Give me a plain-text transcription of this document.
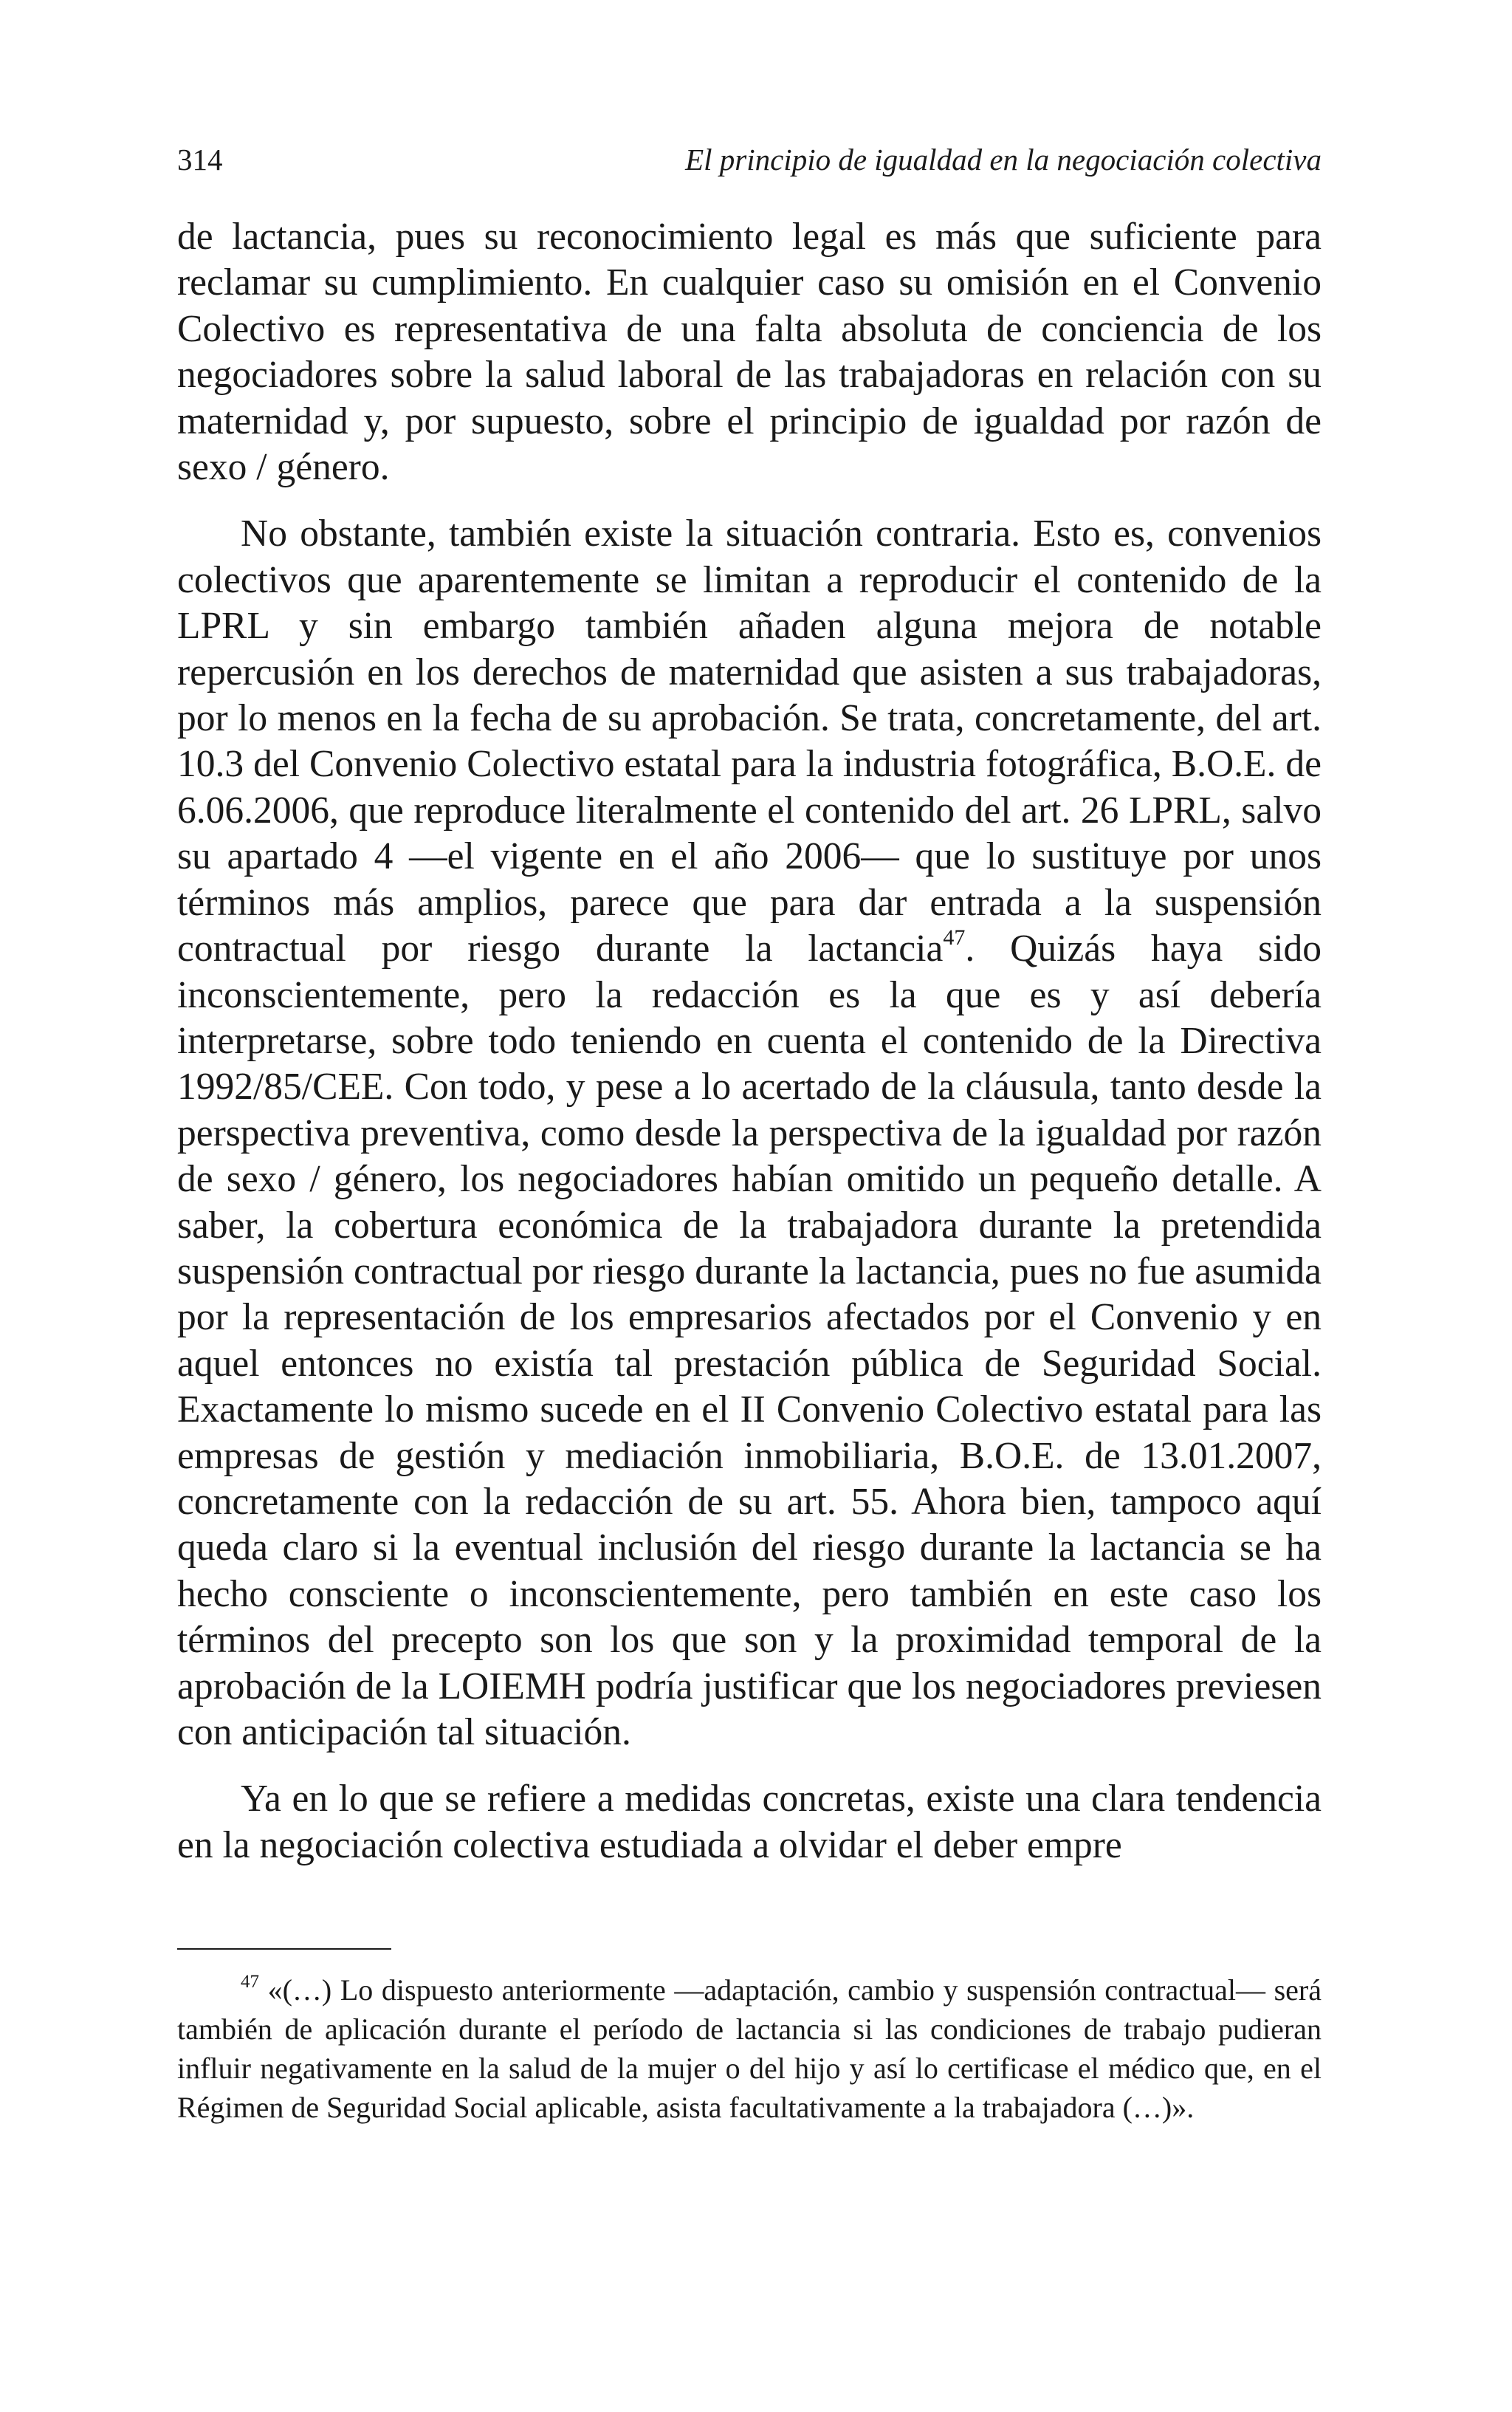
314	El principio de igualdad en la negociación colectiva

de lactancia, pues su reconocimiento legal es más que suficiente para reclamar su cumplimiento. En cualquier caso su omisión en el Convenio Colectivo es representativa de una falta absoluta de conciencia de los negociadores sobre la salud laboral de las trabajadoras en relación con su maternidad y, por supuesto, sobre el principio de igualdad por razón de sexo / género.

No obstante, también existe la situación contraria. Esto es, convenios colectivos que aparentemente se limitan a reproducir el contenido de la LPRL y sin embargo también añaden alguna mejora de notable repercusión en los derechos de maternidad que asisten a sus trabajadoras, por lo menos en la fecha de su aprobación. Se trata, concretamente, del art. 10.3 del Convenio Colectivo estatal para la industria fotográfica, B.O.E. de 6.06.2006, que reproduce literalmente el contenido del art. 26 LPRL, salvo su apartado 4 —el vigente en el año 2006— que lo sustituye por unos términos más amplios, parece que para dar entrada a la suspensión contractual por riesgo durante la lactancia$^{47}$. Quizás haya sido inconscientemente, pero la redacción es la que es y así debería interpretarse, sobre todo teniendo en cuenta el contenido de la Directiva 1992/85/CEE. Con todo, y pese a lo acertado de la cláusula, tanto desde la perspectiva preventiva, como desde la perspectiva de la igualdad por razón de sexo / género, los negociadores habían omitido un pequeño detalle. A saber, la cobertura económica de la trabajadora durante la pretendida suspensión contractual por riesgo durante la lactancia, pues no fue asumida por la representación de los empresarios afectados por el Convenio y en aquel entonces no existía tal prestación pública de Seguridad Social. Exactamente lo mismo sucede en el II Convenio Colectivo estatal para las empresas de gestión y mediación inmobiliaria, B.O.E. de 13.01.2007, concretamente con la redacción de su art. 55. Ahora bien, tampoco aquí queda claro si la eventual inclusión del riesgo durante la lactancia se ha hecho consciente o inconscientemente, pero también en este caso los términos del precepto son los que son y la proximidad temporal de la aprobación de la LOIEMH podría justificar que los negociadores previesen con anticipación tal situación.

Ya en lo que se refiere a medidas concretas, existe una clara tendencia en la negociación colectiva estudiada a olvidar el deber empre

$^{47}$ «(…) Lo dispuesto anteriormente —adaptación, cambio y suspensión contractual— será también de aplicación durante el período de lactancia si las condiciones de trabajo pudieran influir negativamente en la salud de la mujer o del hijo y así lo certificase el médico que, en el Régimen de Seguridad Social aplicable, asista facultativamente a la trabajadora (…)».
